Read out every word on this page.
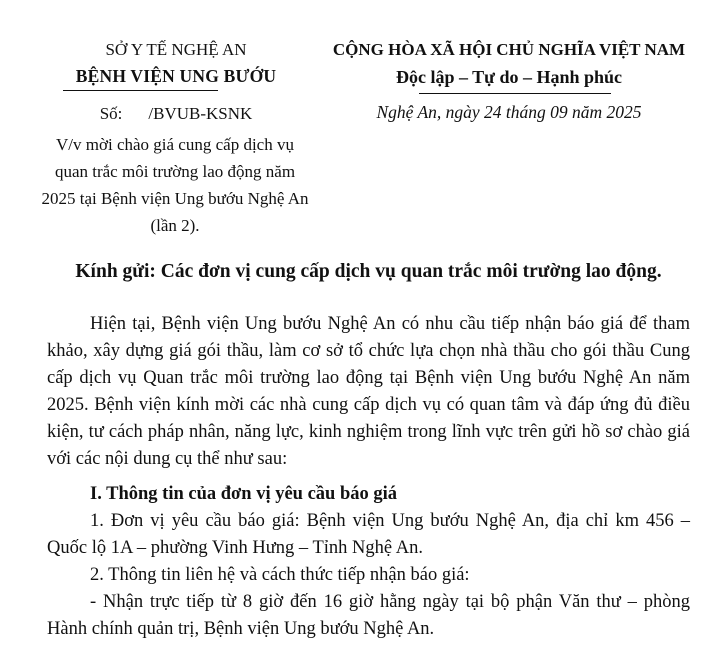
SỞ Y TẾ NGHỆ AN
BỆNH VIỆN UNG BƯỚU
Số: /BVUB-KSNK
V/v mời chào giá cung cấp dịch vụ
quan trắc môi trường lao động năm
2025 tại Bệnh viện Ung bướu Nghệ An
(lần 2).
CỘNG HÒA XÃ HỘI CHỦ NGHĨA VIỆT NAM
Độc lập – Tự do – Hạnh phúc
Nghệ An, ngày 24 tháng 09 năm 2025
Kính gửi: Các đơn vị cung cấp dịch vụ quan trắc môi trường lao động.
Hiện tại, Bệnh viện Ung bướu Nghệ An có nhu cầu tiếp nhận báo giá để tham
khảo, xây dựng giá gói thầu, làm cơ sở tổ chức lựa chọn nhà thầu cho gói thầu Cung
cấp dịch vụ Quan trắc môi trường lao động tại Bệnh viện Ung bướu Nghệ An năm
2025. Bệnh viện kính mời các nhà cung cấp dịch vụ có quan tâm và đáp ứng đủ điều
kiện, tư cách pháp nhân, năng lực, kinh nghiệm trong lĩnh vực trên gửi hồ sơ chào giá
với các nội dung cụ thể như sau:
I. Thông tin của đơn vị yêu cầu báo giá
1. Đơn vị yêu cầu báo giá: Bệnh viện Ung bướu Nghệ An, địa chỉ km 456 –
Quốc lộ 1A – phường Vinh Hưng – Tỉnh Nghệ An.
2. Thông tin liên hệ và cách thức tiếp nhận báo giá:
- Nhận trực tiếp từ 8 giờ đến 16 giờ hằng ngày tại bộ phận Văn thư – phòng
Hành chính quản trị, Bệnh viện Ung bướu Nghệ An.
